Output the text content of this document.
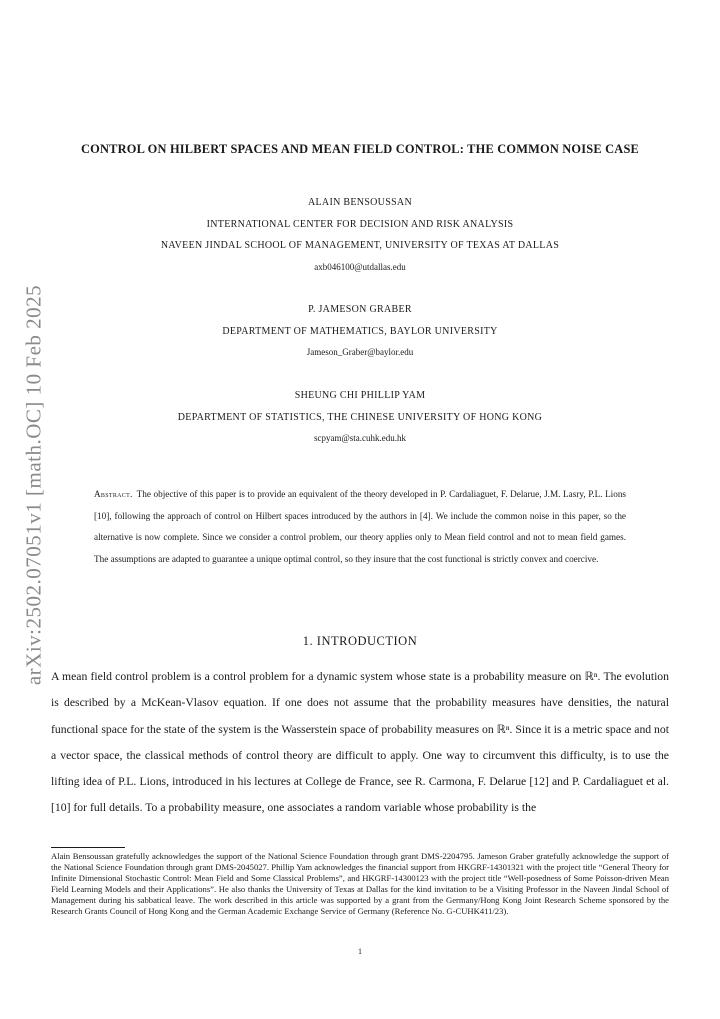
arXiv:2502.07051v1 [math.OC] 10 Feb 2025
CONTROL ON HILBERT SPACES AND MEAN FIELD CONTROL: THE COMMON NOISE CASE
ALAIN BENSOUSSAN
INTERNATIONAL CENTER FOR DECISION AND RISK ANALYSIS
NAVEEN JINDAL SCHOOL OF MANAGEMENT, UNIVERSITY OF TEXAS AT DALLAS
axb046100@utdallas.edu
P. JAMESON GRABER
DEPARTMENT OF MATHEMATICS, BAYLOR UNIVERSITY
Jameson_Graber@baylor.edu
SHEUNG CHI PHILLIP YAM
DEPARTMENT OF STATISTICS, THE CHINESE UNIVERSITY OF HONG KONG
scpyam@sta.cuhk.edu.hk
Abstract. The objective of this paper is to provide an equivalent of the theory developed in P. Cardaliaguet, F. Delarue, J.M. Lasry, P.L. Lions [10], following the approach of control on Hilbert spaces introduced by the authors in [4]. We include the common noise in this paper, so the alternative is now complete. Since we consider a control problem, our theory applies only to Mean field control and not to mean field games. The assumptions are adapted to guarantee a unique optimal control, so they insure that the cost functional is strictly convex and coercive.
1. INTRODUCTION
A mean field control problem is a control problem for a dynamic system whose state is a probability measure on ℝⁿ. The evolution is described by a McKean-Vlasov equation. If one does not assume that the probability measures have densities, the natural functional space for the state of the system is the Wasserstein space of probability measures on ℝⁿ. Since it is a metric space and not a vector space, the classical methods of control theory are difficult to apply. One way to circumvent this difficulty, is to use the lifting idea of P.L. Lions, introduced in his lectures at College de France, see R. Carmona, F. Delarue [12] and P. Cardaliaguet et al. [10] for full details. To a probability measure, one associates a random variable whose probability is the
Alain Bensoussan gratefully acknowledges the support of the National Science Foundation through grant DMS-2204795. Jameson Graber gratefully acknowledge the support of the National Science Foundation through grant DMS-2045027. Phillip Yam acknowledges the financial support from HKGRF-14301321 with the project title “General Theory for Infinite Dimensional Stochastic Control: Mean Field and Some Classical Problems”, and HKGRF-14300123 with the project title “Well-posedness of Some Poisson-driven Mean Field Learning Models and their Applications”. He also thanks the University of Texas at Dallas for the kind invitation to be a Visiting Professor in the Naveen Jindal School of Management during his sabbatical leave. The work described in this article was supported by a grant from the Germany/Hong Kong Joint Research Scheme sponsored by the Research Grants Council of Hong Kong and the German Academic Exchange Service of Germany (Reference No. G-CUHK411/23).
1
